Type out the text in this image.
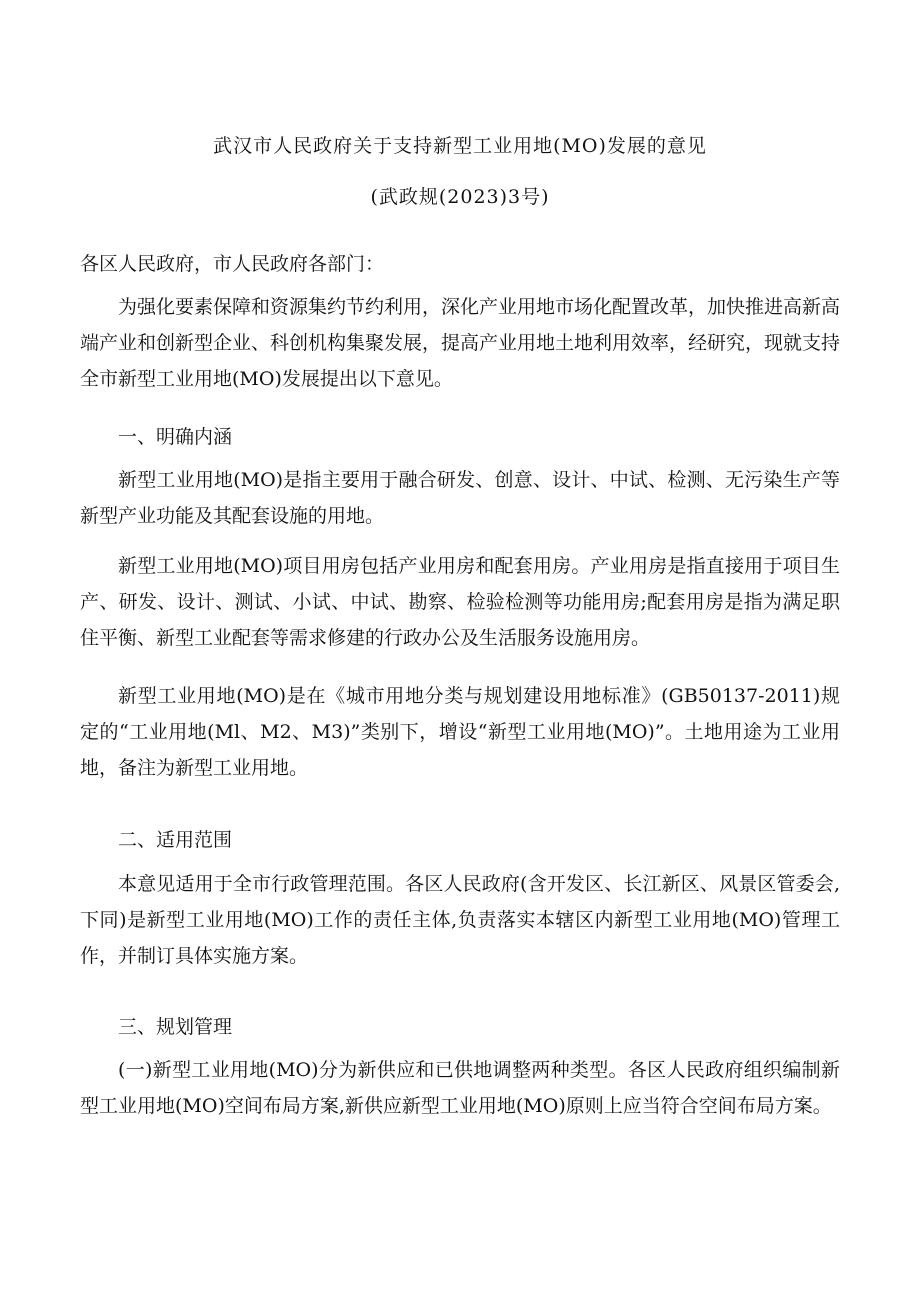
武汉市人民政府关于支持新型工业用地(MO)发展的意见
(武政规(2023)3号)

各区人民政府，市人民政府各部门：

为强化要素保障和资源集约节约利用，深化产业用地市场化配置改革，加快推进高新高端产业和创新型企业、科创机构集聚发展，提高产业用地土地利用效率，经研究，现就支持全市新型工业用地(MO)发展提出以下意见。

一、明确内涵

新型工业用地(MO)是指主要用于融合研发、创意、设计、中试、检测、无污染生产等新型产业功能及其配套设施的用地。

新型工业用地(MO)项目用房包括产业用房和配套用房。产业用房是指直接用于项目生产、研发、设计、测试、小试、中试、勘察、检验检测等功能用房;配套用房是指为满足职住平衡、新型工业配套等需求修建的行政办公及生活服务设施用房。

新型工业用地(MO)是在《城市用地分类与规划建设用地标准》(GB50137-2011)规定的“工业用地(Ml、M2、M3)”类别下，增设“新型工业用地(MO)”。土地用途为工业用地，备注为新型工业用地。

二、适用范围

本意见适用于全市行政管理范围。各区人民政府(含开发区、长江新区、风景区管委会,下同)是新型工业用地(MO)工作的责任主体,负责落实本辖区内新型工业用地(MO)管理工作，并制订具体实施方案。

三、规划管理

(一)新型工业用地(MO)分为新供应和已供地调整两种类型。各区人民政府组织编制新型工业用地(MO)空间布局方案,新供应新型工业用地(MO)原则上应当符合空间布局方案。
